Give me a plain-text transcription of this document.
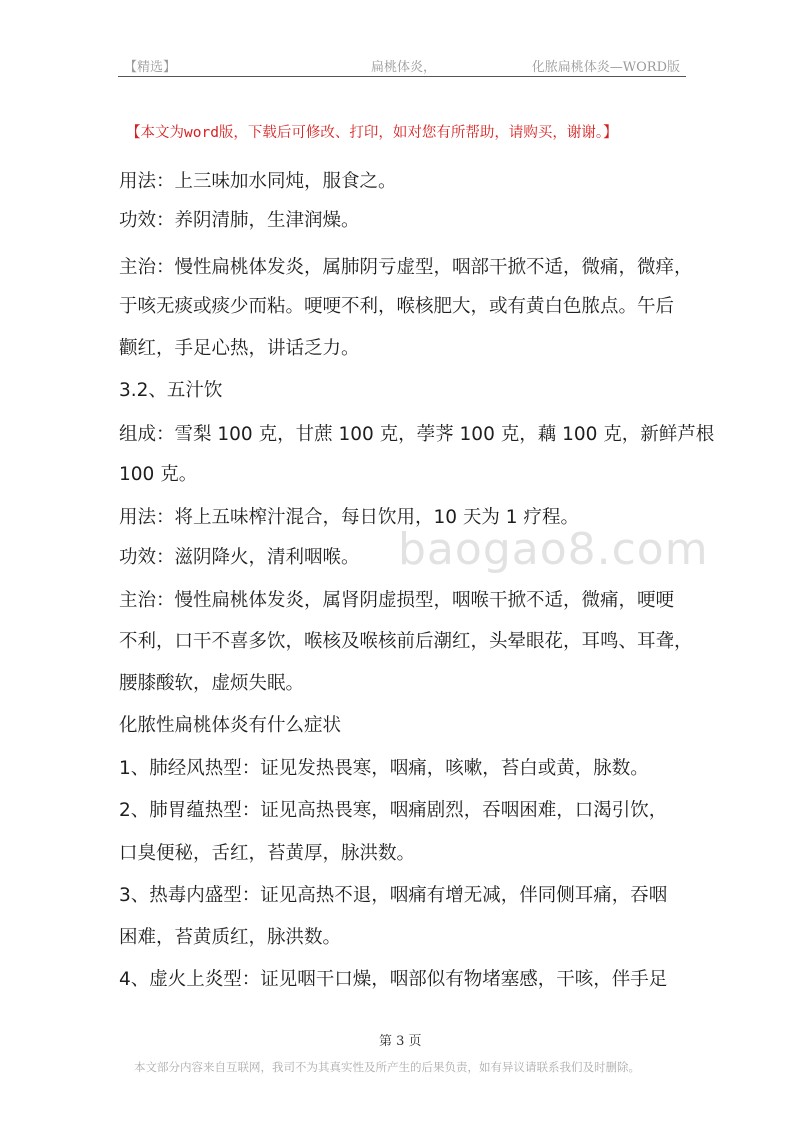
【精选】	扁桃体炎，	化脓扁桃体炎—WORD版
【本文为word版，下载后可修改、打印，如对您有所帮助，请购买，谢谢。】
baogao8.com
用法：上三味加水同炖，服食之。
功效：养阴清肺，生津润燥。
主治：慢性扁桃体发炎，属肺阴亏虚型，咽部干掀不适，微痛，微痒，
于咳无痰或痰少而粘。哽哽不利，喉核肥大，或有黄白色脓点。午后
颧红，手足心热，讲话乏力。
3.2、五汁饮
组成：雪梨 100 克，甘蔗 100 克，荸荠 100 克，藕 100 克，新鲜芦根
100 克。
用法：将上五味榨汁混合，每日饮用，10 天为 1 疗程。
功效：滋阴降火，清利咽喉。
主治：慢性扁桃体发炎，属肾阴虚损型，咽喉干掀不适，微痛，哽哽
不利，口干不喜多饮，喉核及喉核前后潮红，头晕眼花，耳鸣、耳聋，
腰膝酸软，虚烦失眠。
化脓性扁桃体炎有什么症状
1、肺经风热型：证见发热畏寒，咽痛，咳嗽，苔白或黄，脉数。
2、肺胃蕴热型：证见高热畏寒，咽痛剧烈，吞咽困难，口渴引饮，
口臭便秘，舌红，苔黄厚，脉洪数。
3、热毒内盛型：证见高热不退，咽痛有增无减，伴同侧耳痛，吞咽
困难，苔黄质红，脉洪数。
4、虚火上炎型：证见咽干口燥，咽部似有物堵塞感，干咳，伴手足
第 3 页
本文部分内容来自互联网，我司不为其真实性及所产生的后果负责，如有异议请联系我们及时删除。
